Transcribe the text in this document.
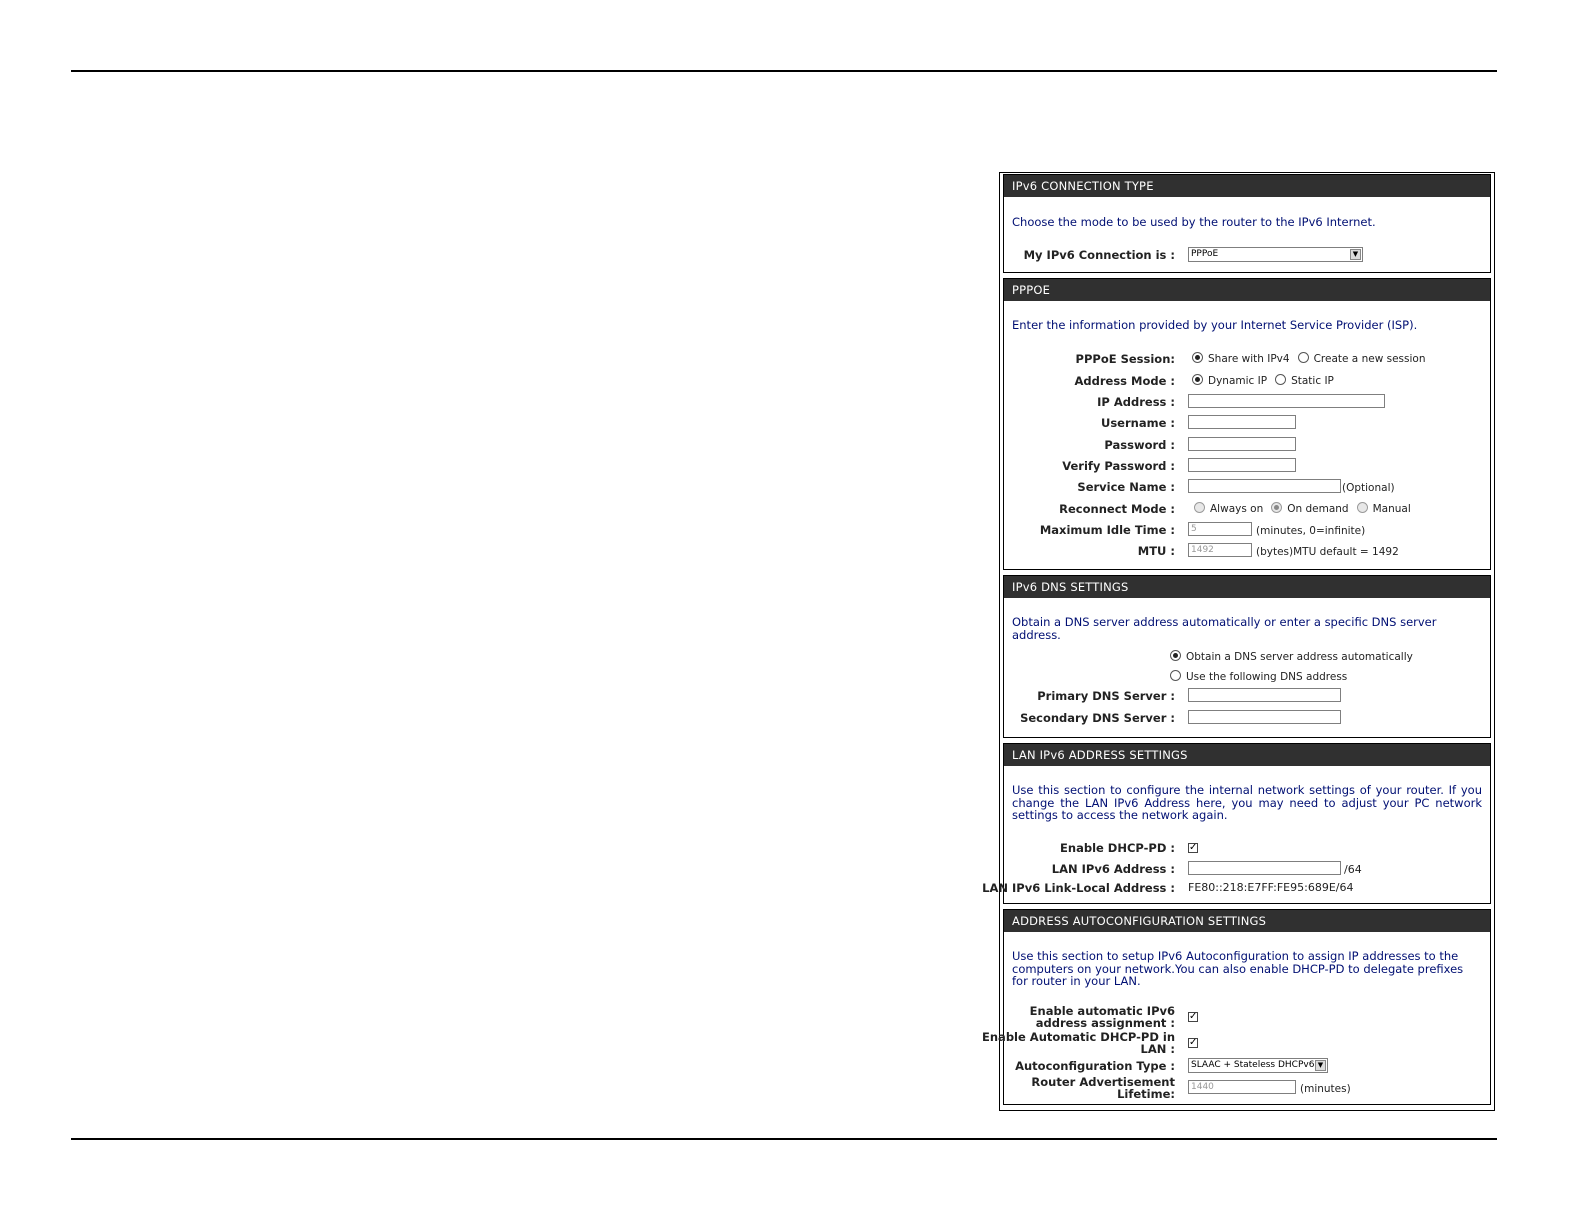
IPv6 CONNECTION TYPE
Choose the mode to be used by the router to the IPv6 Internet.
My IPv6 Connection is :	PPPoE	▼
PPPOE
Enter the information provided by your Internet Service Provider (ISP).
PPPoE Session:	Share with IPv4 Create a new session
Address Mode :	Dynamic IP Static IP
IP Address :
Username :
Password :
Verify Password :
Service Name :	(Optional)
Reconnect Mode :	Always on On demand Manual
Maximum Idle Time :	5	(minutes, 0=infinite)
MTU :	1492	(bytes)MTU default = 1492
IPv6 DNS SETTINGS
Obtain a DNS server address automatically or enter a specific DNS server address.
Obtain a DNS server address automatically
Use the following DNS address
Primary DNS Server :
Secondary DNS Server :
LAN IPv6 ADDRESS SETTINGS
Use this section to configure the internal network settings of your router. If you change the LAN IPv6 Address here, you may need to adjust your PC network settings to access the network again.
Enable DHCP-PD : ✓
LAN IPv6 Address :	/64
LAN IPv6 Link-Local Address : FE80::218:E7FF:FE95:689E/64
ADDRESS AUTOCONFIGURATION SETTINGS
Use this section to setup IPv6 Autoconfiguration to assign IP addresses to the computers on your network.You can also enable DHCP-PD to delegate prefixes for router in your LAN.
Enable automatic IPv6 address assignment : ✓
Enable Automatic DHCP-PD in LAN : ✓
Autoconfiguration Type :	SLAAC + Stateless DHCPv6 ▼
Router Advertisement Lifetime:	1440	(minutes)
